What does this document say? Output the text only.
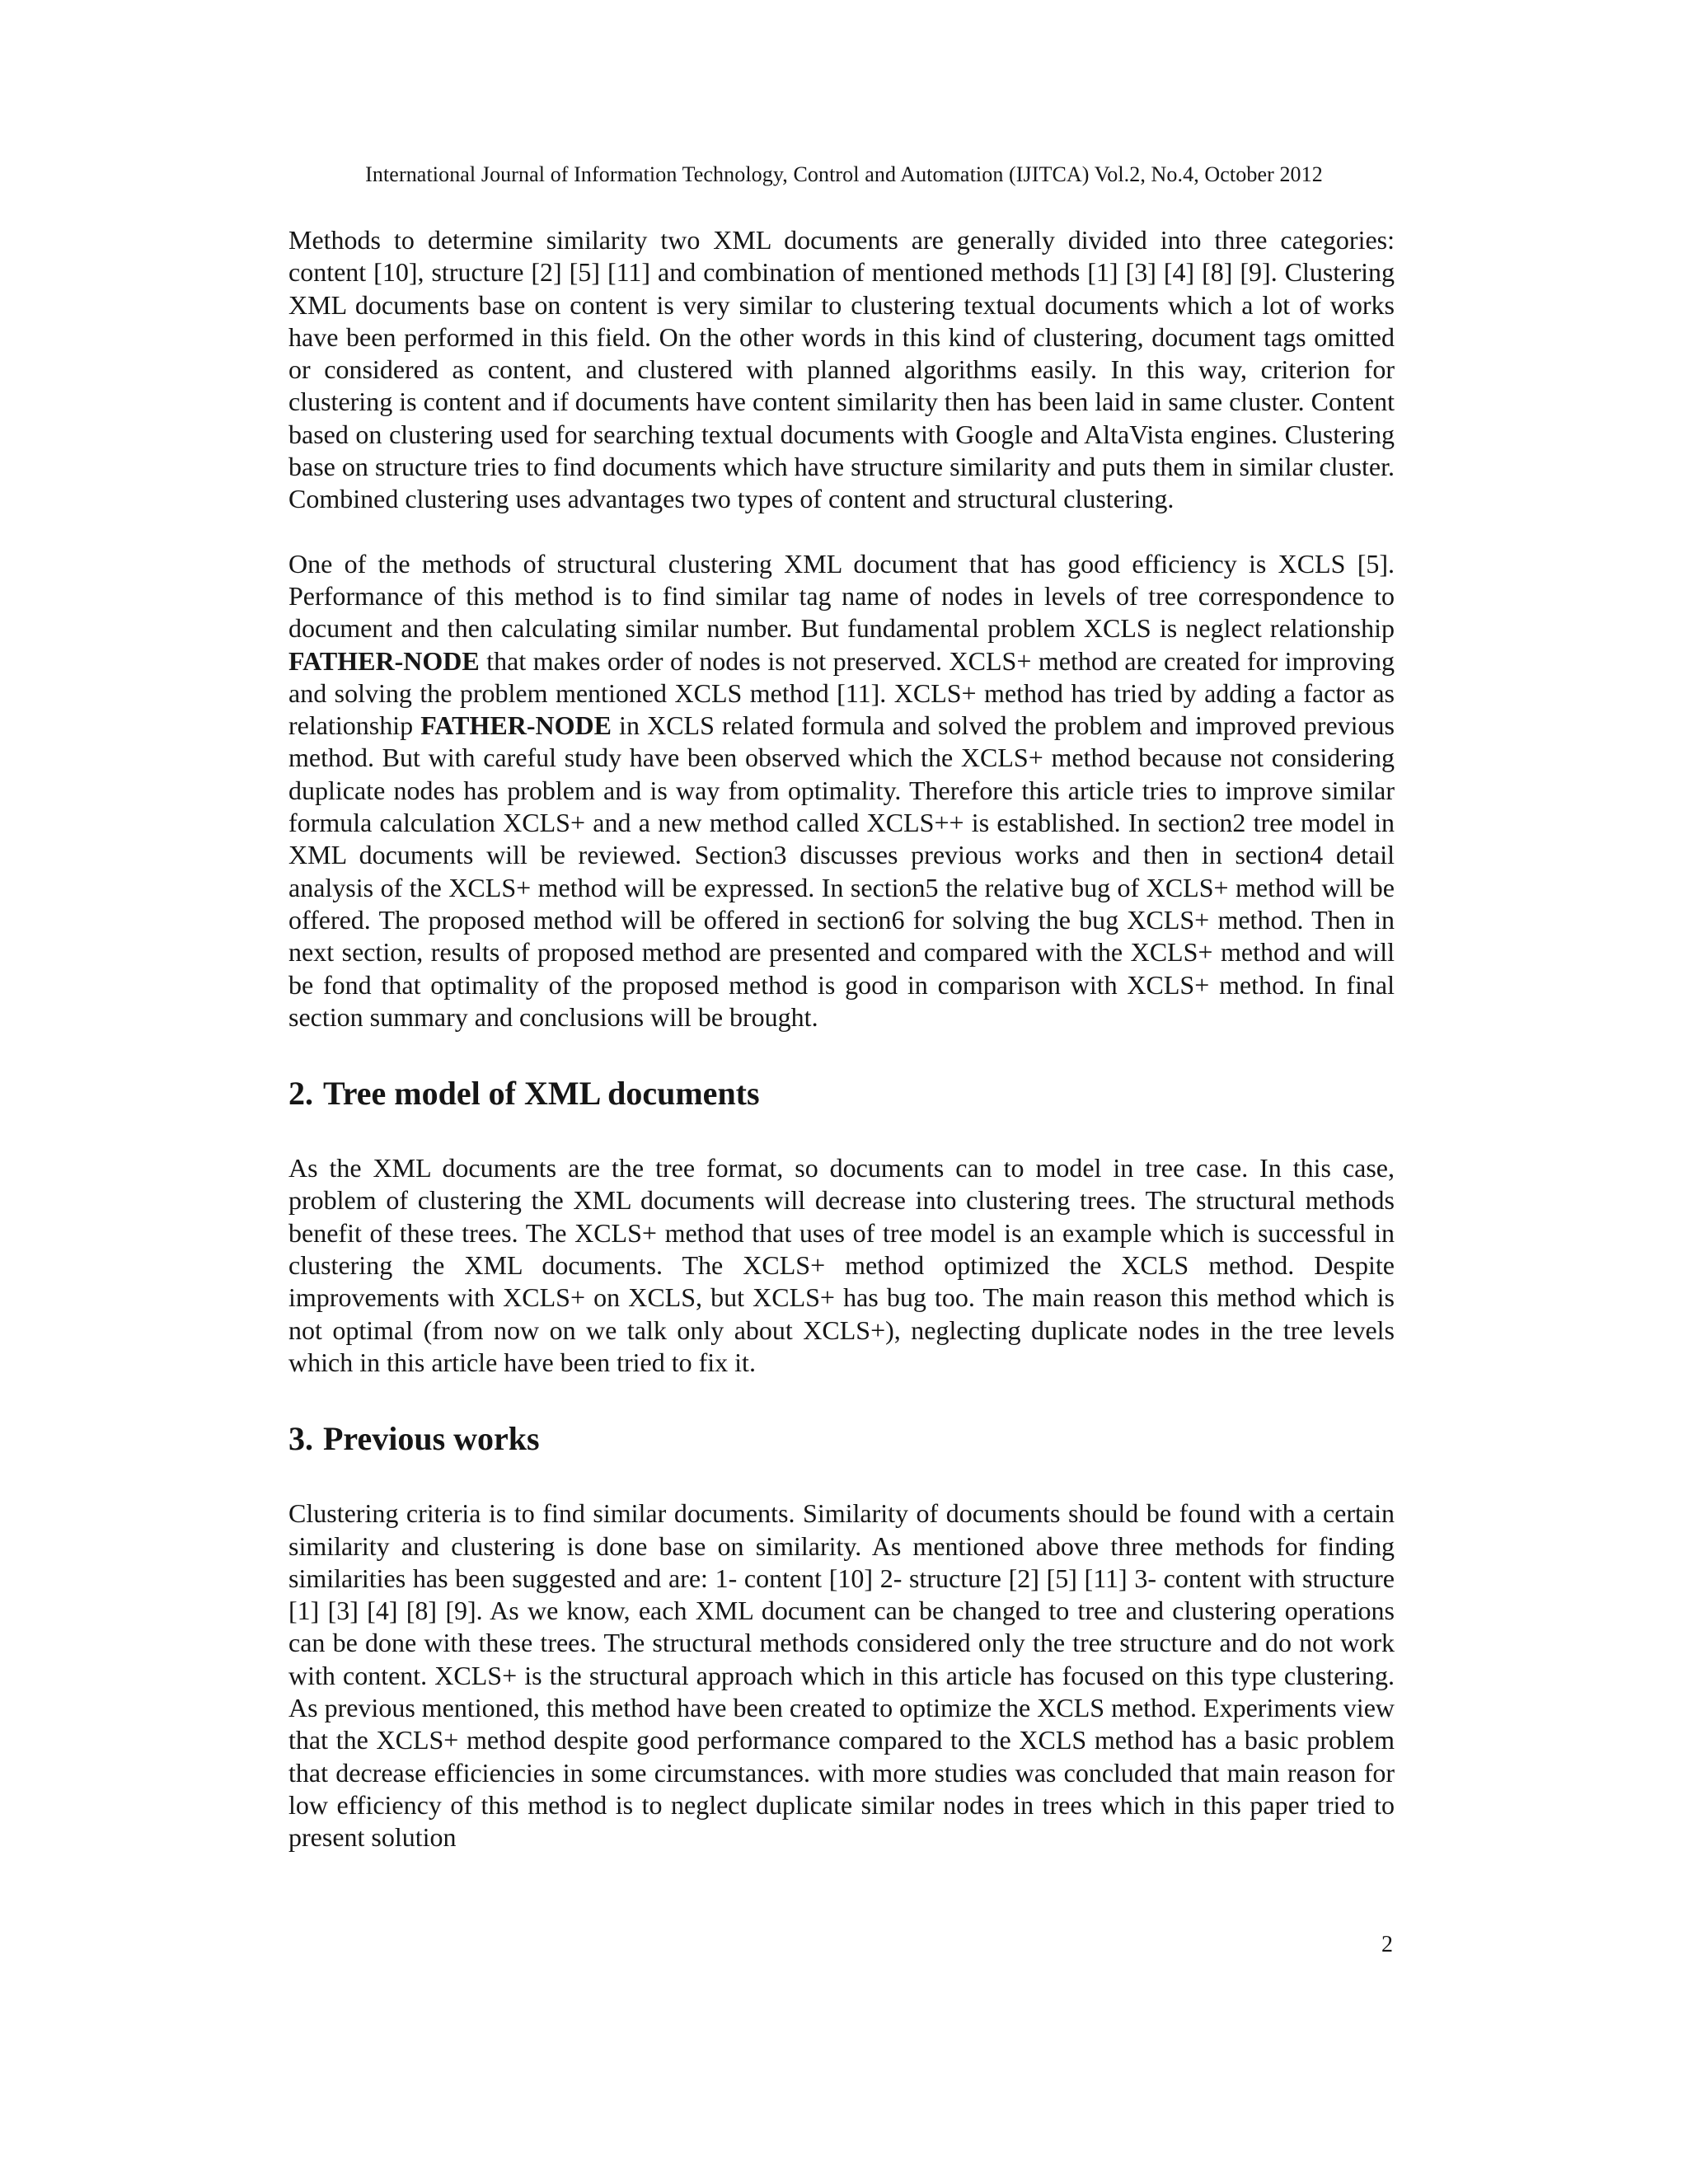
International Journal of Information Technology, Control and Automation (IJITCA) Vol.2, No.4, October 2012

Methods to determine similarity two XML documents are generally divided into three categories: content [10], structure [2] [5] [11] and combination of mentioned methods [1] [3] [4] [8] [9]. Clustering XML documents base on content is very similar to clustering textual documents which a lot of works have been performed in this field. On the other words in this kind of clustering, document tags omitted or considered as content, and clustered with planned algorithms easily. In this way, criterion for clustering is content and if documents have content similarity then has been laid in same cluster. Content based on clustering used for searching textual documents with Google and AltaVista engines. Clustering base on structure tries to find documents which have structure similarity and puts them in similar cluster. Combined clustering uses advantages two types of content and structural clustering.

One of the methods of structural clustering XML document that has good efficiency is XCLS [5]. Performance of this method is to find similar tag name of nodes in levels of tree correspondence to document and then calculating similar number. But fundamental problem XCLS is neglect relationship FATHER-NODE that makes order of nodes is not preserved. XCLS+ method are created for improving and solving the problem mentioned XCLS method [11]. XCLS+ method has tried by adding a factor as relationship FATHER-NODE in XCLS related formula and solved the problem and improved previous method. But with careful study have been observed which the XCLS+ method because not considering duplicate nodes has problem and is way from optimality. Therefore this article tries to improve similar formula calculation XCLS+ and a new method called XCLS++ is established. In section2 tree model in XML documents will be reviewed. Section3 discusses previous works and then in section4 detail analysis of the XCLS+ method will be expressed. In section5 the relative bug of XCLS+ method will be offered. The proposed method will be offered in section6 for solving the bug XCLS+ method. Then in next section, results of proposed method are presented and compared with the XCLS+ method and will be fond that optimality of the proposed method is good in comparison with XCLS+ method. In final section summary and conclusions will be brought.

2. Tree model of XML documents

As the XML documents are the tree format, so documents can to model in tree case. In this case, problem of clustering the XML documents will decrease into clustering trees. The structural methods benefit of these trees. The XCLS+ method that uses of tree model is an example which is successful in clustering the XML documents. The XCLS+ method optimized the XCLS method. Despite improvements with XCLS+ on XCLS, but XCLS+ has bug too. The main reason this method which is not optimal (from now on we talk only about XCLS+), neglecting duplicate nodes in the tree levels which in this article have been tried to fix it.

3. Previous works

Clustering criteria is to find similar documents. Similarity of documents should be found with a certain similarity and clustering is done base on similarity. As mentioned above three methods for finding similarities has been suggested and are: 1- content [10] 2- structure [2] [5] [11] 3- content with structure [1] [3] [4] [8] [9]. As we know, each XML document can be changed to tree and clustering operations can be done with these trees. The structural methods considered only the tree structure and do not work with content. XCLS+ is the structural approach which in this article has focused on this type clustering. As previous mentioned, this method have been created to optimize the XCLS method. Experiments view that the XCLS+ method despite good performance compared to the XCLS method has a basic problem that decrease efficiencies in some circumstances. with more studies was concluded that main reason for low efficiency of this method is to neglect duplicate similar nodes in trees which in this paper tried to present solution

2
